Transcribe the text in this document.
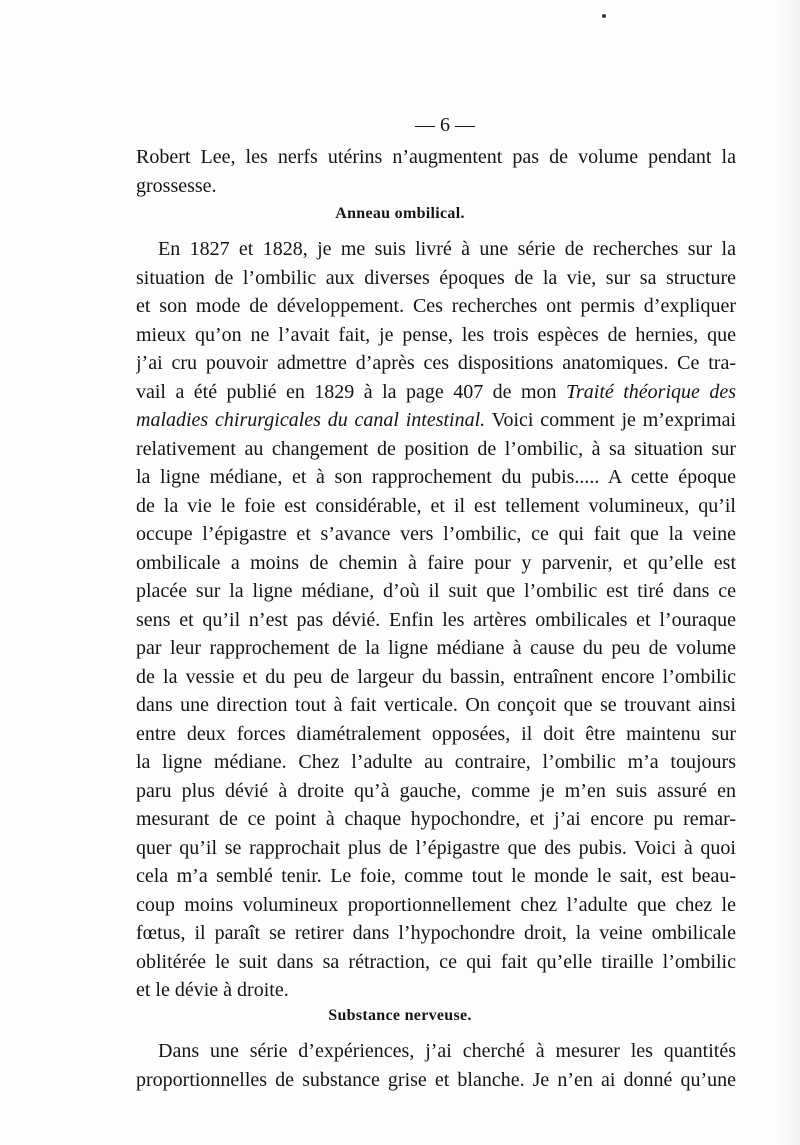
— 6 —
Robert Lee, les nerfs utérins n’augmentent pas de volume pendant la
grossesse.
Anneau ombilical.
En 1827 et 1828, je me suis livré à une série de recherches sur la
situation de l’ombilic aux diverses époques de la vie, sur sa structure
et son mode de développement. Ces recherches ont permis d’expliquer
mieux qu’on ne l’avait fait, je pense, les trois espèces de hernies, que
j’ai cru pouvoir admettre d’après ces dispositions anatomiques. Ce tra-
vail a été publié en 1829 à la page 407 de mon Traité théorique des
maladies chirurgicales du canal intestinal. Voici comment je m’exprimai
relativement au changement de position de l’ombilic, à sa situation sur
la ligne médiane, et à son rapprochement du pubis..... A cette époque
de la vie le foie est considérable, et il est tellement volumineux, qu’il
occupe l’épigastre et s’avance vers l’ombilic, ce qui fait que la veine
ombilicale a moins de chemin à faire pour y parvenir, et qu’elle est
placée sur la ligne médiane, d’où il suit que l’ombilic est tiré dans ce
sens et qu’il n’est pas dévié. Enfin les artères ombilicales et l’ouraque
par leur rapprochement de la ligne médiane à cause du peu de volume
de la vessie et du peu de largeur du bassin, entraînent encore l’ombilic
dans une direction tout à fait verticale. On conçoit que se trouvant ainsi
entre deux forces diamétralement opposées, il doit être maintenu sur
la ligne médiane. Chez l’adulte au contraire, l’ombilic m’a toujours
paru plus dévié à droite qu’à gauche, comme je m’en suis assuré en
mesurant de ce point à chaque hypochondre, et j’ai encore pu remar-
quer qu’il se rapprochait plus de l’épigastre que des pubis. Voici à quoi
cela m’a semblé tenir. Le foie, comme tout le monde le sait, est beau-
coup moins volumineux proportionnellement chez l’adulte que chez le
fœtus, il paraît se retirer dans l’hypochondre droit, la veine ombilicale
oblitérée le suit dans sa rétraction, ce qui fait qu’elle tiraille l’ombilic
et le dévie à droite.
Substance nerveuse.
Dans une série d’expériences, j’ai cherché à mesurer les quantités
proportionnelles de substance grise et blanche. Je n’en ai donné qu’une
